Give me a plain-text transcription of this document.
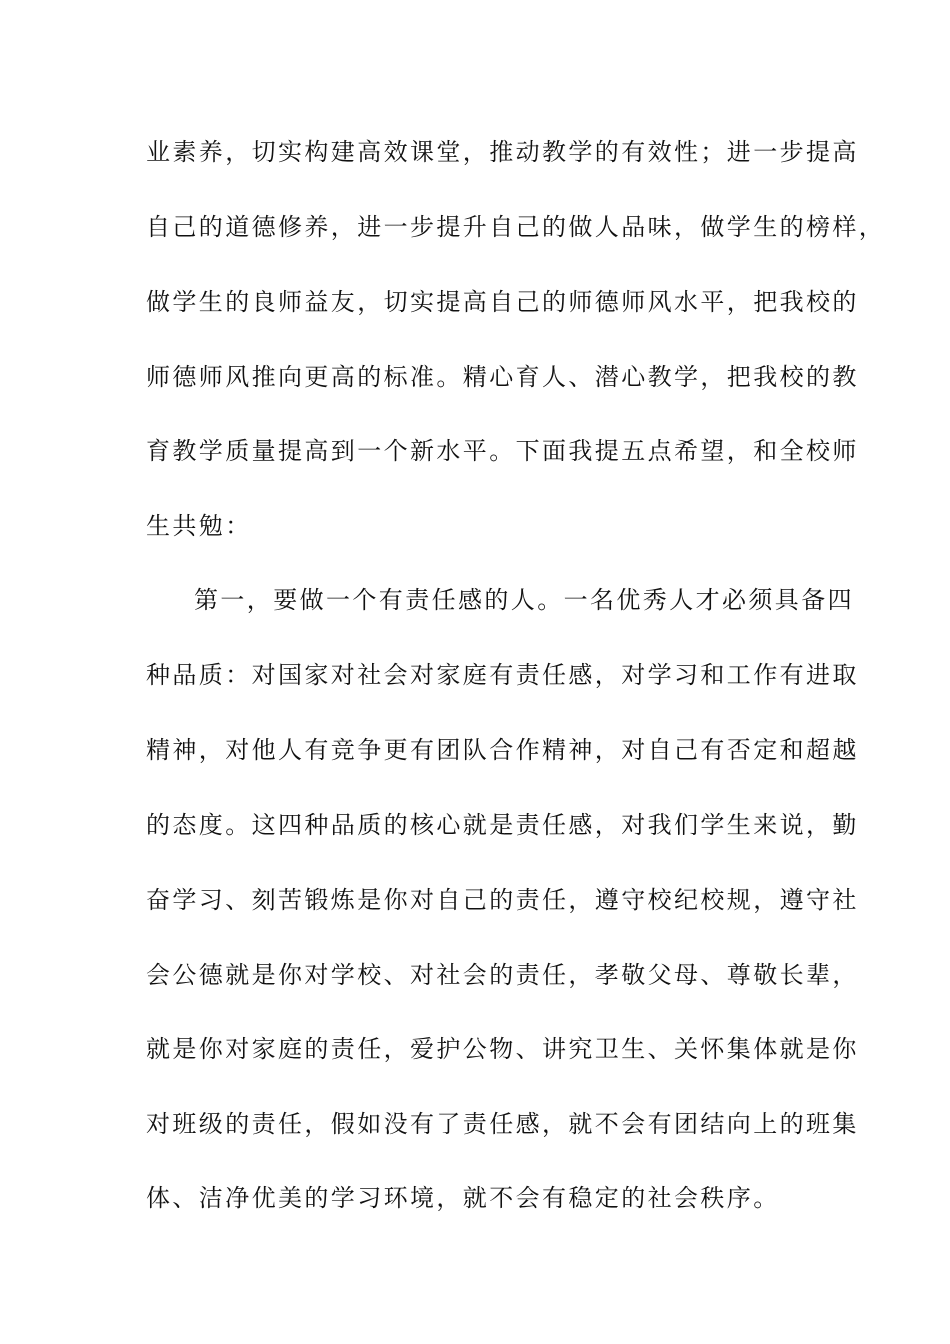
业素养，切实构建高效课堂，推动教学的有效性；进一步提高
自己的道德修养，进一步提升自己的做人品味，做学生的榜样，
做学生的良师益友，切实提高自己的师德师风水平，把我校的
师德师风推向更高的标准。精心育人、潜心教学，把我校的教
育教学质量提高到一个新水平。下面我提五点希望，和全校师
生共勉：
第一，要做一个有责任感的人。一名优秀人才必须具备四
种品质：对国家对社会对家庭有责任感，对学习和工作有进取
精神，对他人有竞争更有团队合作精神，对自己有否定和超越
的态度。这四种品质的核心就是责任感，对我们学生来说，勤
奋学习、刻苦锻炼是你对自己的责任，遵守校纪校规，遵守社
会公德就是你对学校、对社会的责任，孝敬父母、尊敬长辈，
就是你对家庭的责任，爱护公物、讲究卫生、关怀集体就是你
对班级的责任，假如没有了责任感，就不会有团结向上的班集
体、洁净优美的学习环境，就不会有稳定的社会秩序。
